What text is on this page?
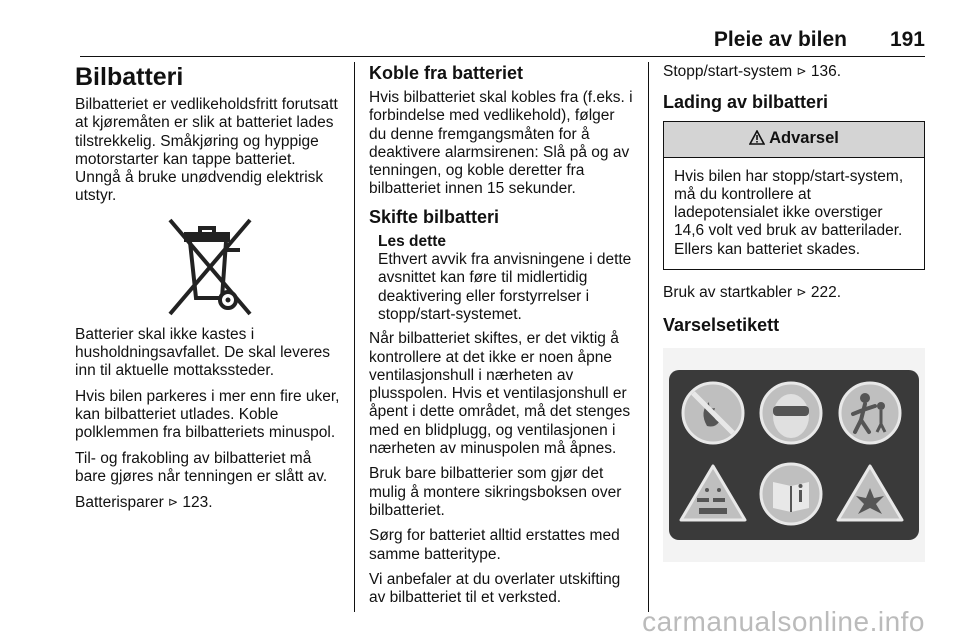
Pleie av bilen 191
Bilbatteri

Bilbatteriet er vedlikeholdsfritt forutsatt at kjøremåten er slik at batteriet lades tilstrekkelig. Småkjøring og hyppige motorstarter kan tappe batteriet. Unngå å bruke unødvendig elektrisk utstyr.

Batterier skal ikke kastes i husholdningsavfallet. De skal leveres inn til aktuelle mottakssteder.

Hvis bilen parkeres i mer enn fire uker, kan bilbatteriet utlades. Koble polklemmen fra bilbatteriets minuspol.

Til- og frakobling av bilbatteriet må bare gjøres når tenningen er slått av.

Batterisparer ⊳ 123.

Koble fra batteriet

Hvis bilbatteriet skal kobles fra (f.eks. i forbindelse med vedlikehold), følger du denne fremgangsmåten for å deaktivere alarmsirenen: Slå på og av tenningen, og koble deretter fra bilbatteriet innen 15 sekunder.

Skifte bilbatteri
Les dette
Ethvert avvik fra anvisningene i dette avsnittet kan føre til midlertidig deaktivering eller forstyrrelser i stopp/start-systemet.

Når bilbatteriet skiftes, er det viktig å kontrollere at det ikke er noen åpne ventilasjonshull i nærheten av plusspolen. Hvis et ventilasjonshull er åpent i dette området, må det stenges med en blidplugg, og ventilasjonen i nærheten av minuspolen må åpnes.

Bruk bare bilbatterier som gjør det mulig å montere sikringsboksen over bilbatteriet.

Sørg for batteriet alltid erstattes med samme batteritype.

Vi anbefaler at du overlater utskifting av bilbatteriet til et verksted.

Stopp/start-system ⊳ 136.

Lading av bilbatteri
Advarsel
Hvis bilen har stopp/start-system, må du kontrollere at ladepotensialet ikke overstiger 14,6 volt ved bruk av batterilader. Ellers kan batteriet skades.

Bruk av startkabler ⊳ 222.

Varselsetikett
carmanualsonline.info
